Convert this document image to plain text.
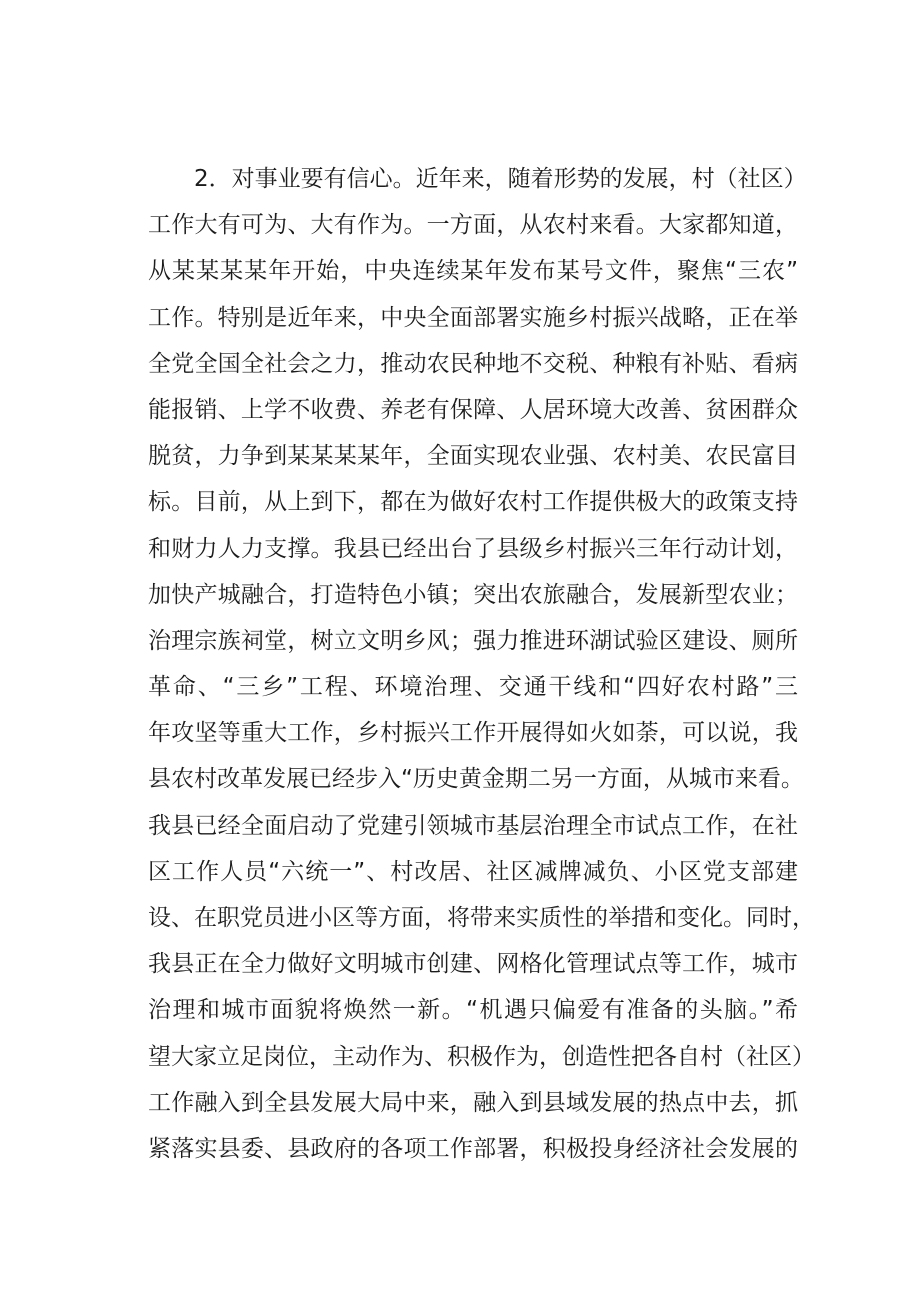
2．对事业要有信心。近年来，随着形势的发展，村（社区）
工作大有可为、大有作为。一方面，从农村来看。大家都知道，
从某某某某年开始，中央连续某年发布某号文件，聚焦“三农”
工作。特别是近年来，中央全面部署实施乡村振兴战略，正在举
全党全国全社会之力，推动农民种地不交税、种粮有补贴、看病
能报销、上学不收费、养老有保障、人居环境大改善、贫困群众
脱贫，力争到某某某某年，全面实现农业强、农村美、农民富目
标。目前，从上到下，都在为做好农村工作提供极大的政策支持
和财力人力支撑。我县已经出台了县级乡村振兴三年行动计划，
加快产城融合，打造特色小镇；突出农旅融合，发展新型农业；
治理宗族祠堂，树立文明乡风；强力推进环湖试验区建设、厕所
革命、“三乡”工程、环境治理、交通干线和“四好农村路”三
年攻坚等重大工作，乡村振兴工作开展得如火如荼，可以说，我
县农村改革发展已经步入“历史黄金期二另一方面，从城市来看。
我县已经全面启动了党建引领城市基层治理全市试点工作，在社
区工作人员“六统一”、村改居、社区减牌减负、小区党支部建
设、在职党员进小区等方面，将带来实质性的举措和变化。同时，
我县正在全力做好文明城市创建、网格化管理试点等工作，城市
治理和城市面貌将焕然一新。“机遇只偏爱有准备的头脑。”希
望大家立足岗位，主动作为、积极作为，创造性把各自村（社区）
工作融入到全县发展大局中来，融入到县域发展的热点中去，抓
紧落实县委、县政府的各项工作部署，积极投身经济社会发展的
